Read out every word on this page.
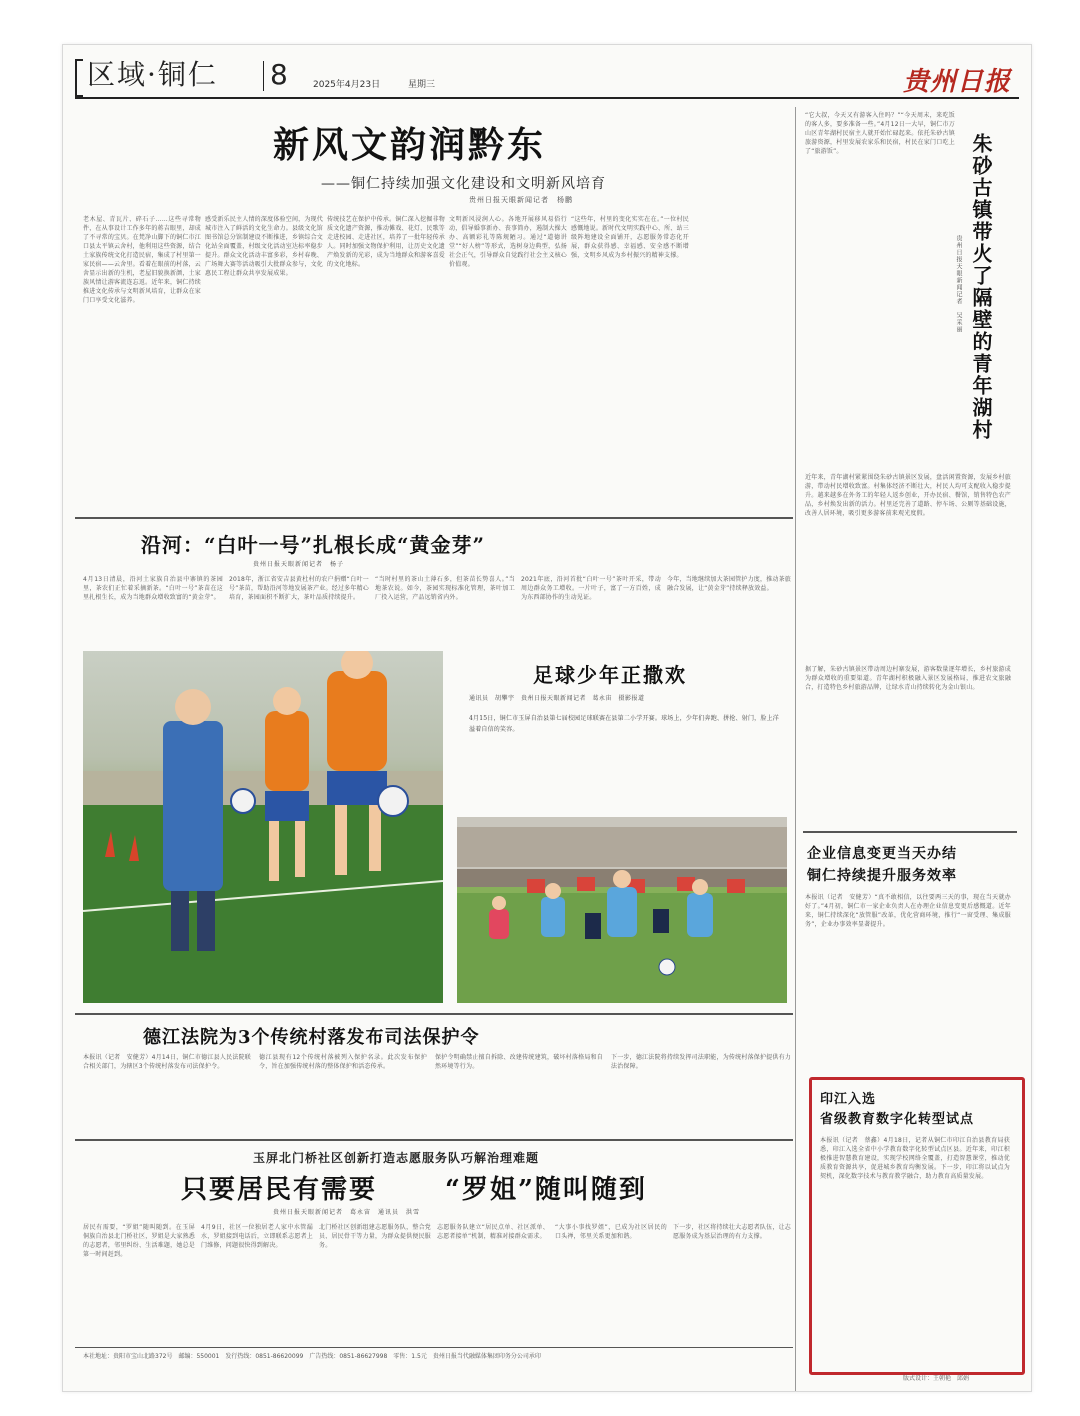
区域·铜仁 8	2025年4月23日	星期三	贵州日报
新风文韵润黔东
——铜仁持续加强文化建设和文明新风培育
贵州日报天眼新闻记者　杨鹏
老木屋、青瓦片、碎石子……这些寻常物件，在从事设计工作多年的蒋吉眼里，却成了不寻常的宝贝。在梵净山脚下的铜仁市江口县太平镇云舍村，他利用这些资源，结合土家族传统文化打造民宿，集成了村里第一家民宿——云舍里。看着在眼前的村落，云舍显示出新的生机，老屋旧貌换新颜，土家族风情让游客流连忘返。近年来，铜仁持续推进文化传承与文明新风培育，让群众在家门口享受文化滋养。
感受新乐民主人情的深度体验空间，为现代城市注入了鲜活的文化生命力。县级文化馆图书馆总分馆制建设不断推进，乡镇综合文化站全面覆盖，村级文化活动室达标率稳步提升。群众文化活动丰富多彩，乡村春晚、广场舞大赛等活动吸引大批群众参与，文化惠民工程让群众共享发展成果。
传统技艺在保护中传承。铜仁深入挖掘非物质文化遗产资源，推动傩戏、花灯、民歌等走进校园、走进社区，培养了一批年轻传承人。同时加强文物保护利用，让历史文化遗产焕发新的光彩，成为当地群众和游客喜爱的文化地标。
文明新风浸润人心。各地开展移风易俗行动，倡导婚事新办、丧事简办，遏制大操大办、高额彩礼等陈规陋习。通过“道德讲堂”“好人榜”等形式，选树身边典型，弘扬社会正气，引导群众自觉践行社会主义核心价值观。
“这些年，村里的变化实实在在。”一位村民感慨地说。新时代文明实践中心、所、站三级阵地建设全面铺开，志愿服务常态化开展，群众获得感、幸福感、安全感不断增强，文明乡风成为乡村振兴的精神支撑。
“它大叔，今天又有游客入住吗？”“今天周末，来吃饭的客人多，要多准备一些。”4月12日一大早，铜仁市万山区青年湖村民宿主人就开始忙碌起来。依托朱砂古镇旅游资源，村里发展农家乐和民宿，村民在家门口吃上了“旅游饭”。	朱砂古镇带火了隔壁的青年湖村
贵州日报天眼新闻记者　吴采丽
近年来，青年湖村紧紧围绕朱砂古镇景区发展，盘活闲置资源，发展乡村旅游，带动村民增收致富。村集体经济不断壮大，村民人均可支配收入稳步提升。越来越多在外务工的年轻人返乡创业，开办民宿、餐馆，销售特色农产品，乡村焕发出新的活力。村里还完善了道路、停车场、公厕等基础设施，改善人居环境，吸引更多游客前来观光度假。
沿河：“白叶一号”扎根长成“黄金芽”
贵州日报天眼新闻记者　杨子
4月13日清晨，沿河土家族自治县中寨镇的茶园里，茶农们正忙着采摘新茶。“白叶一号”茶苗在这里扎根生长，成为当地群众增收致富的“黄金芽”。
2018年，浙江省安吉县黄杜村的农户捐赠“白叶一号”茶苗，帮助沿河等地发展茶产业。经过多年精心培育，茶园面积不断扩大，茶叶品质持续提升。
“当时村里的茶山土薄石多，但茶苗长势喜人。”当地茶农说。如今，茶园实现标准化管理，茶叶加工厂投入运营，产品远销省内外。
2021年底，沿河首批“白叶一号”茶叶开采，带动周边群众务工增收。一片叶子，富了一方百姓，成为东西部协作的生动见证。
今年，当地继续加大茶园管护力度，推动茶旅融合发展，让“黄金芽”持续释放效益。
足球少年正撒欢
通讯员　胡攀宇　贵州日报天眼新闻记者　葛永宙　摄影报道
4月15日，铜仁市玉屏自治县第七届校园足球联赛在县第二小学开赛。球场上，少年们奔跑、拼抢、射门，脸上洋溢着自信的笑容。
据了解，朱砂古镇景区带动周边村寨发展，游客数量逐年增长，乡村旅游成为群众增收的重要渠道。青年湖村积极融入景区发展格局，推进农文旅融合，打造特色乡村旅游品牌，让绿水青山持续转化为金山银山。
企业信息变更当天办结
铜仁持续提升服务效率
本报讯（记者　安健芳）“真不敢相信，以往要两三天的事，现在当天就办好了。”4月初，铜仁市一家企业负责人在办理企业信息变更后感慨道。近年来，铜仁持续深化“放管服”改革，优化营商环境，推行“一窗受理、集成服务”，企业办事效率显著提升。
德江法院为3个传统村落发布司法保护令
本报讯（记者　安健芳）4月14日，铜仁市德江县人民法院联合相关部门，为辖区3个传统村落发布司法保护令。
德江县现有12个传统村落被列入保护名录。此次发布保护令，旨在加强传统村落的整体保护和活态传承。
保护令明确禁止擅自拆除、改建传统建筑，破坏村落格局和自然环境等行为。
下一步，德江法院将持续发挥司法职能，为传统村落保护提供有力法治保障。
印江入选
省级教育数字化转型试点
本报讯（记者　蔡鑫）4月18日，记者从铜仁市印江自治县教育局获悉，印江入选全省中小学教育数字化转型试点区县。近年来，印江积极推进智慧教育建设，实现学校网络全覆盖，打造智慧课堂，推动优质教育资源共享，促进城乡教育均衡发展。下一步，印江将以试点为契机，深化数字技术与教育教学融合，助力教育高质量发展。
玉屏北门桥社区创新打造志愿服务队巧解治理难题
只要居民有需要	“罗姐”随叫随到
贵州日报天眼新闻记者　葛永宙　通讯员　洪雪
居民有需要，“罗姐”随叫随到。在玉屏侗族自治县北门桥社区，罗姐是大家熟悉的志愿者，邻里纠纷、生活难题，她总是第一时间赶到。
4月9日，社区一位独居老人家中水管漏水，罗姐接到电话后，立即联系志愿者上门维修，问题很快得到解决。
北门桥社区创新组建志愿服务队，整合党员、居民骨干等力量，为群众提供便民服务。
志愿服务队建立“居民点单、社区派单、志愿者接单”机制，精准对接群众需求。
“大事小事找罗姐”，已成为社区居民的口头禅，邻里关系更加和谐。
下一步，社区将持续壮大志愿者队伍，让志愿服务成为基层治理的有力支撑。
版式设计：王朝艳　邱娟
本社地址：贵阳市宝山北路372号　邮编：550001　发行热线：0851-86620099　广告热线：0851-86627998　零售：1.5元　贵州日报当代融媒体集团印务分公司承印
